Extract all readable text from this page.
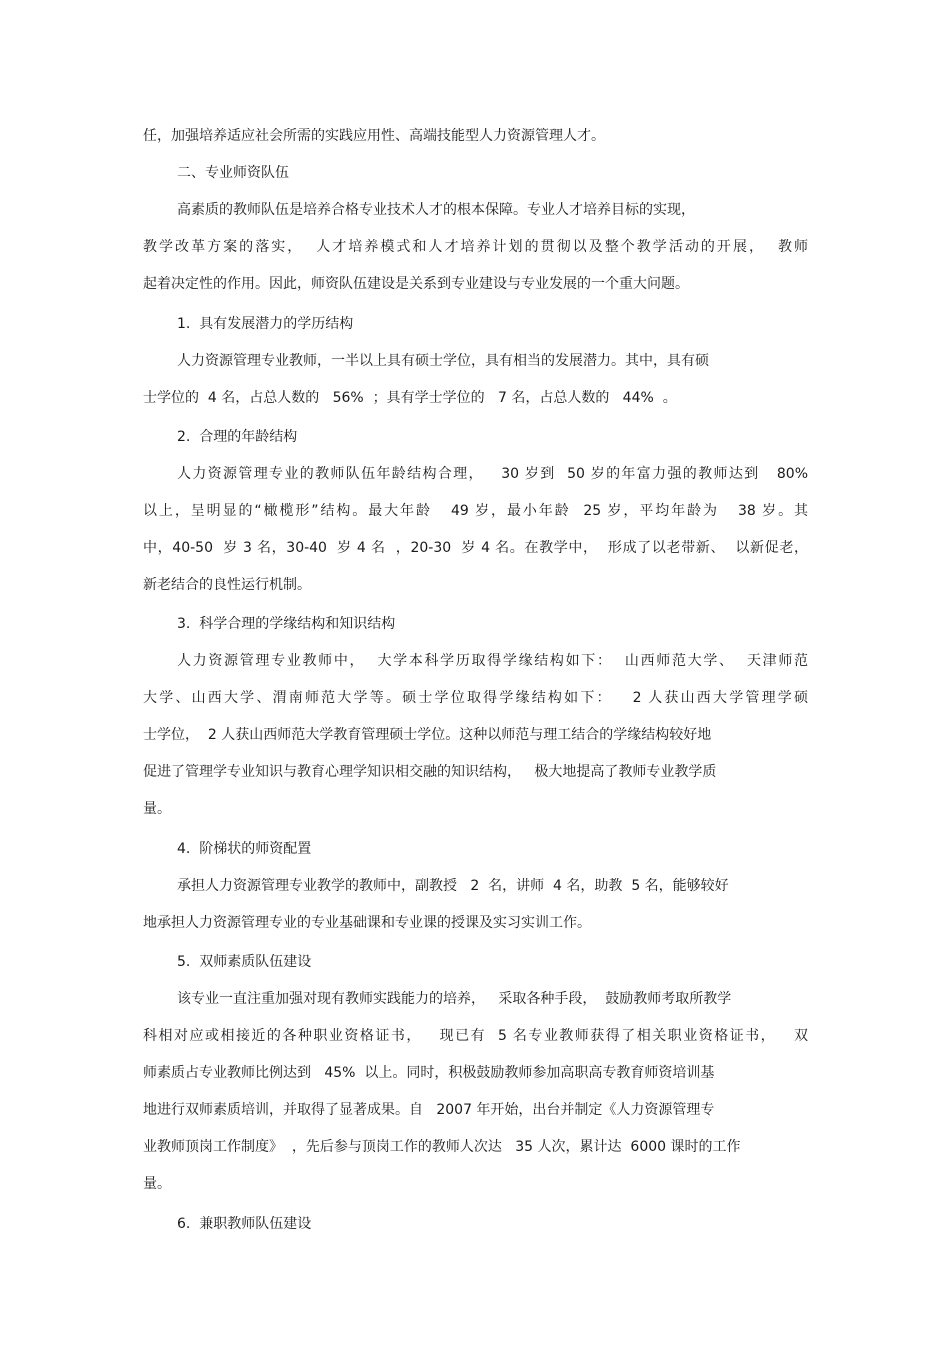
任，加强培养适应社会所需的实践应用性、高端技能型人力资源管理人才。
二、专业师资队伍
高素质的教师队伍是培养合格专业技术人才的根本保障。专业人才培养目标的实现，
教学改革方案的落实，  人才培养模式和人才培养计划的贯彻以及整个教学活动的开展，  教师
起着决定性的作用。因此，师资队伍建设是关系到专业建设与专业发展的一个重大问题。
1.  具有发展潜力的学历结构
人力资源管理专业教师，一半以上具有硕士学位，具有相当的发展潜力。其中，具有硕
士学位的  4 名，占总人数的   56%  ；具有学士学位的   7 名，占总人数的   44%  。
2.  合理的年龄结构
人力资源管理专业的教师队伍年龄结构合理，   30 岁到  50 岁的年富力强的教师达到   80%
以上，呈明显的“橄榄形”结构。最大年龄   49 岁，最小年龄  25 岁，平均年龄为   38 岁。其
中，40-50  岁 3 名，30-40  岁 4 名  ，20-30  岁 4 名。在教学中，  形成了以老带新、  以新促老，
新老结合的良性运行机制。
3.  科学合理的学缘结构和知识结构
人力资源管理专业教师中，  大学本科学历取得学缘结构如下：  山西师范大学、  天津师范
大学、山西大学、渭南师范大学等。硕士学位取得学缘结构如下：   2 人获山西大学管理学硕
士学位，  2 人获山西师范大学教育管理硕士学位。这种以师范与理工结合的学缘结构较好地
促进了管理学专业知识与教育心理学知识相交融的知识结构，   极大地提高了教师专业教学质
量。
4.  阶梯状的师资配置
承担人力资源管理专业教学的教师中，副教授   2  名，讲师  4 名，助教  5 名，能够较好
地承担人力资源管理专业的专业基础课和专业课的授课及实习实训工作。
5.  双师素质队伍建设
该专业一直注重加强对现有教师实践能力的培养，   采取各种手段，  鼓励教师考取所教学
科相对应或相接近的各种职业资格证书，   现已有  5 名专业教师获得了相关职业资格证书，   双
师素质占专业教师比例达到   45%  以上。同时，积极鼓励教师参加高职高专教育师资培训基
地进行双师素质培训，并取得了显著成果。自   2007 年开始，出台并制定《人力资源管理专
业教师顶岗工作制度》  ，先后参与顶岗工作的教师人次达   35 人次，累计达  6000 课时的工作
量。
6.  兼职教师队伍建设
